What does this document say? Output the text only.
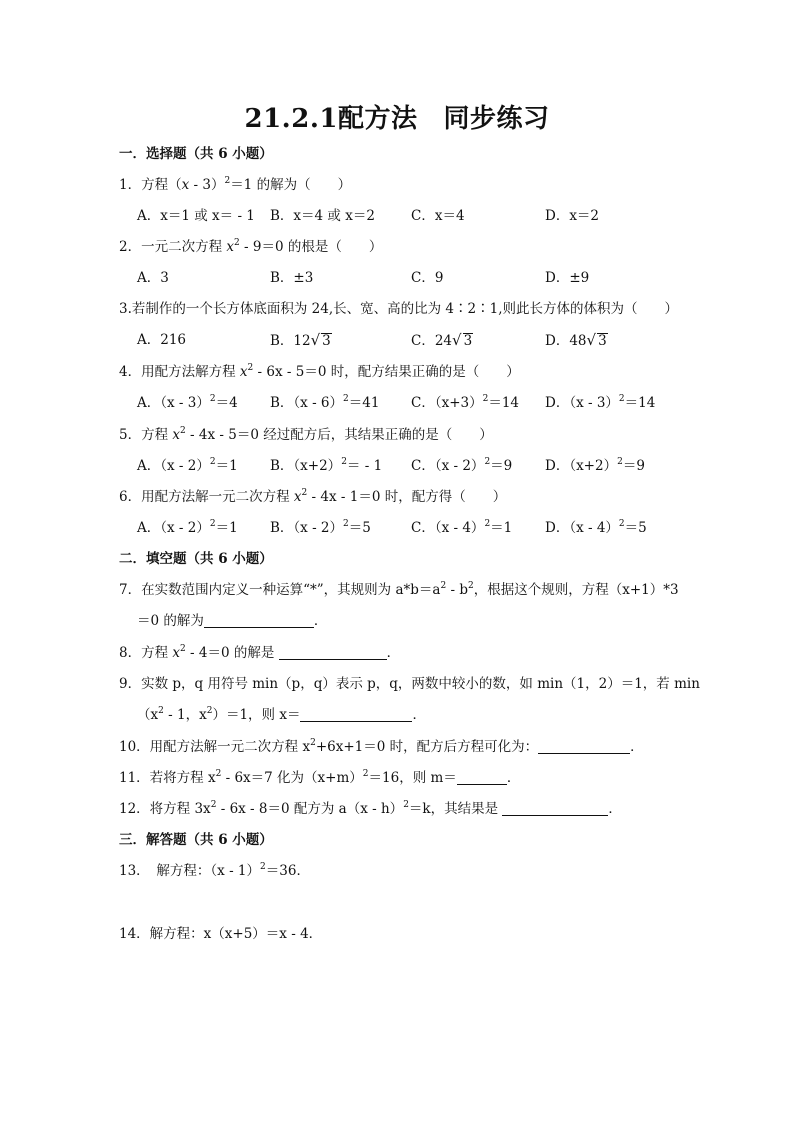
21.2.1配方法 同步练习
一．选择题（共 6 小题）
1．方程（x - 3）$^2$＝1 的解为（　　）
A．x＝1 或 x＝ - 1 B．x＝4 或 x＝2	C．x＝4	D．x＝2
2．一元二次方程 $x^2 - 9=0$ 的根是（　　）
A．3	B．±3	C．9	D．±9
3.若制作的一个长方体底面积为 24,长、宽、高的比为 4∶2∶1,则此长方体的体积为（　　）
A．216	B．12√ 3	C．24√ 3	D．48√ 3
4．用配方法解方程 $x^2 - 6x - 5=0$ 时，配方结果正确的是（　　）
A．（x - 3）$^2$＝4 B．（x - 6）$^2$＝41 C．$(x+3)^2=14$ D．（x - 3）$^2$＝14
5．方程 $x^2 - 4x - 5=0$ 经过配方后，其结果正确的是（　　）
A．（x - 2）$^2$＝1 B．$(x+2)^2= - 1$ C．（x - 2）$^2$＝9 D．$(x+2)^2=9$
6．用配方法解一元二次方程 $x^2 - 4x - 1=0$ 时，配方得（　　）
A．（x - 2）$^2$＝1 B．（x - 2）$^2$＝5	C．（x - 4）$^2$＝1 D．（x - 4）$^2$＝5
二．填空题（共 6 小题）
7．在实数范围内定义一种运算“*”，其规则为 $a*b=a^2 - b^2$，根据这个规则，方程（x+1）*3
＝0 的解为	．
8．方程 $x^2 - 4=0$ 的解是	．
9．实数 p，q 用符号 min（p，q）表示 p，q，两数中较小的数，如 min（1，2）＝1，若 min
（$x^2 - 1$，$x^2)=1$，则 x＝	．
10．用配方法解一元二次方程 $x^2+6x+1=0$ 时，配方后方程可化为：	．
11．若将方程 $x^2 - 6x=7$ 化为$(x+m)^2=16$，则 m＝	．
12．将方程 $3x^2 - 6x - 8=0$ 配方为 a（x - h）$^2$＝k，其结果是	．
三．解答题（共 6 小题）
13．　解方程：（x - 1）$^2$＝36．
14．解方程：x（x+5）＝x - 4．
